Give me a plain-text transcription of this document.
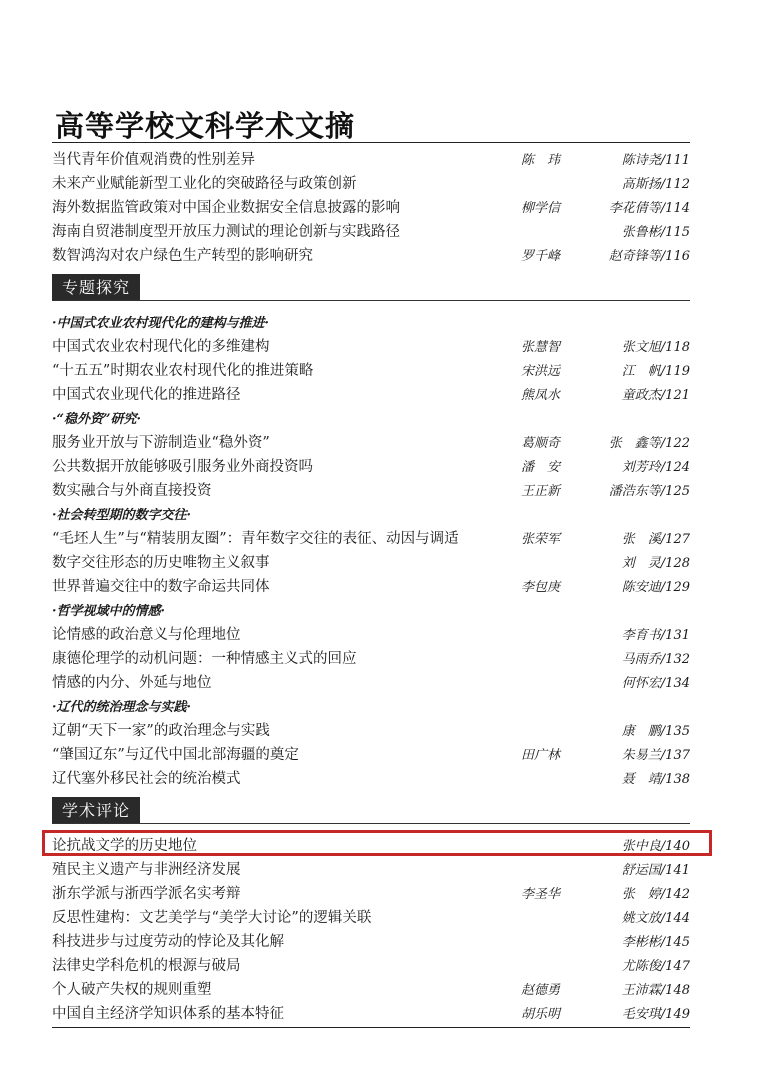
高等学校文科学术文摘
当代青年价值观消费的性别差异	陈　玮	陈诗尧/111
未来产业赋能新型工业化的突破路径与政策创新	高斯扬/112
海外数据监管政策对中国企业数据安全信息披露的影响	柳学信	李花倩等/114
海南自贸港制度型开放压力测试的理论创新与实践路径	张鲁彬/115
数智鸿沟对农户绿色生产转型的影响研究	罗千峰	赵奇锋等/116
专题探究
·中国式农业农村现代化的建构与推进·
中国式农业农村现代化的多维建构	张慧智	张文旭/118
“十五五”时期农业农村现代化的推进策略	宋洪远	江　帆/119
中国式农业现代化的推进路径	熊凤水	童政杰/121
·“稳外资”研究·
服务业开放与下游制造业“稳外资”	葛顺奇	张　鑫等/122
公共数据开放能够吸引服务业外商投资吗	潘　安	刘芳玲/124
数实融合与外商直接投资	王正新	潘浩东等/125
·社会转型期的数字交往·
“毛坯人生”与“精装朋友圈”：青年数字交往的表征、动因与调适	张荣军	张　溪/127
数字交往形态的历史唯物主义叙事	刘　灵/128
世界普遍交往中的数字命运共同体	李包庚	陈安迪/129
·哲学视域中的情感·
论情感的政治意义与伦理地位	李育书/131
康德伦理学的动机问题：一种情感主义式的回应	马雨乔/132
情感的内分、外延与地位	何怀宏/134
·辽代的统治理念与实践·
辽朝“天下一家”的政治理念与实践	康　鹏/135
“肇国辽东”与辽代中国北部海疆的奠定	田广林	朱易兰/137
辽代塞外移民社会的统治模式	聂　靖/138
学术评论
论抗战文学的历史地位	张中良/140
殖民主义遗产与非洲经济发展	舒运国/141
浙东学派与浙西学派名实考辩	李圣华	张　婷/142
反思性建构：文艺美学与“美学大讨论”的逻辑关联	姚文放/144
科技进步与过度劳动的悖论及其化解	李彬彬/145
法律史学科危机的根源与破局	尤陈俊/147
个人破产失权的规则重塑	赵德勇	王沛霖/148
中国自主经济学知识体系的基本特征	胡乐明	毛安琪/149
